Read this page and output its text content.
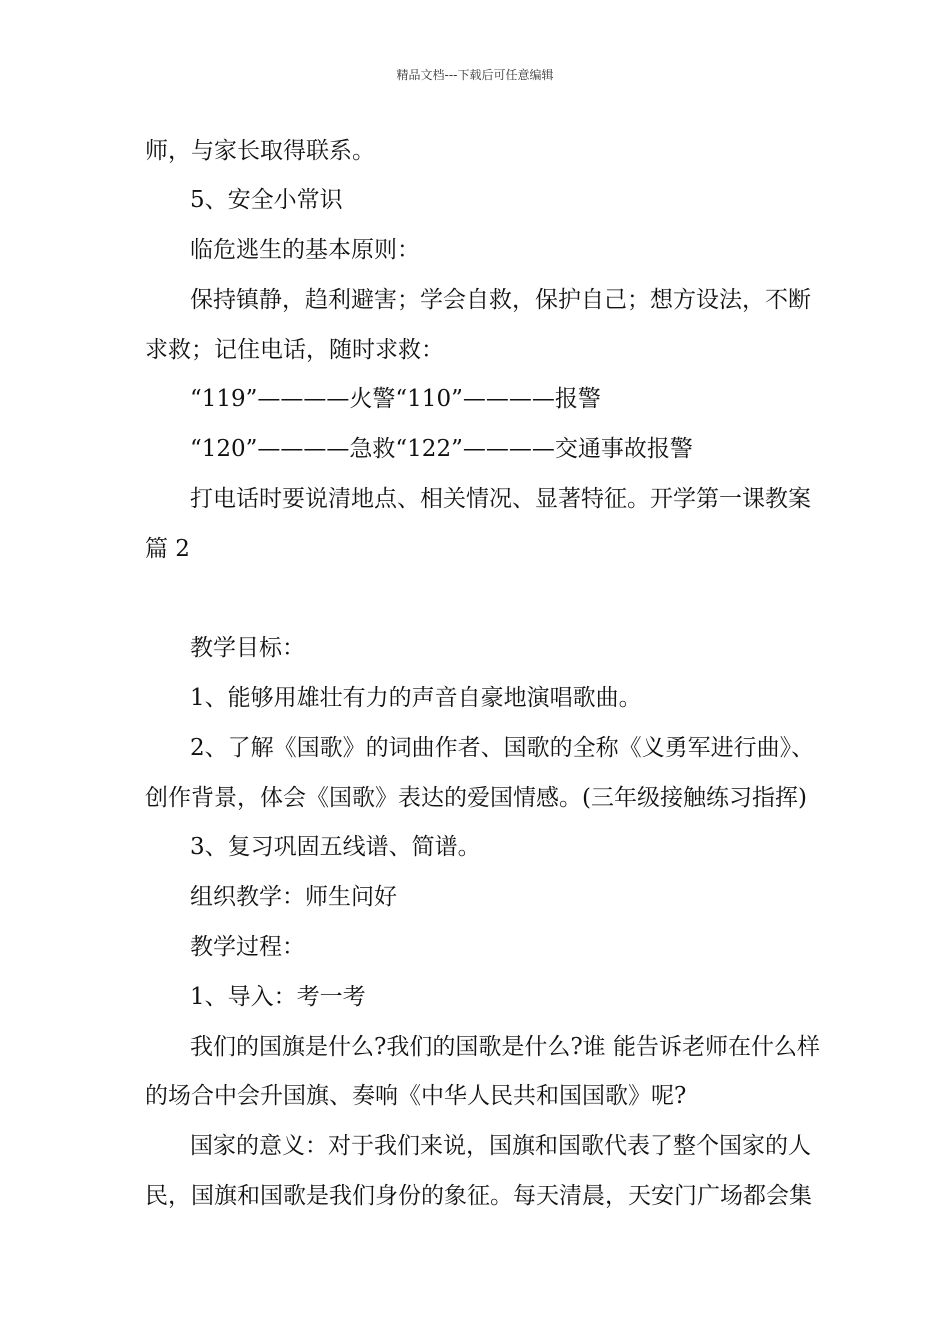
精品文档---下载后可任意编辑
师，与家长取得联系。
5、安全小常识
临危逃生的基本原则：
保持镇静，趋利避害；学会自救，保护自己；想方设法，不断
求救；记住电话，随时求救：
“119”————火警“110”————报警
“120”————急救“122”————交通事故报警
打电话时要说清地点、相关情况、显著特征。开学第一课教案
篇 2
教学目标：
1、能够用雄壮有力的声音自豪地演唱歌曲。
2、了解《国歌》的词曲作者、国歌的全称《义勇军进行曲》、
创作背景，体会《国歌》表达的爱国情感。(三年级接触练习指挥)
3、复习巩固五线谱、简谱。
组织教学：师生问好
教学过程：
1、导入：考一考
我们的国旗是什么?我们的国歌是什么?谁 能告诉老师在什么样
的场合中会升国旗、奏响《中华人民共和国国歌》呢?
国家的意义：对于我们来说，国旗和国歌代表了整个国家的人
民，国旗和国歌是我们身份的象征。每天清晨，天安门广场都会集
